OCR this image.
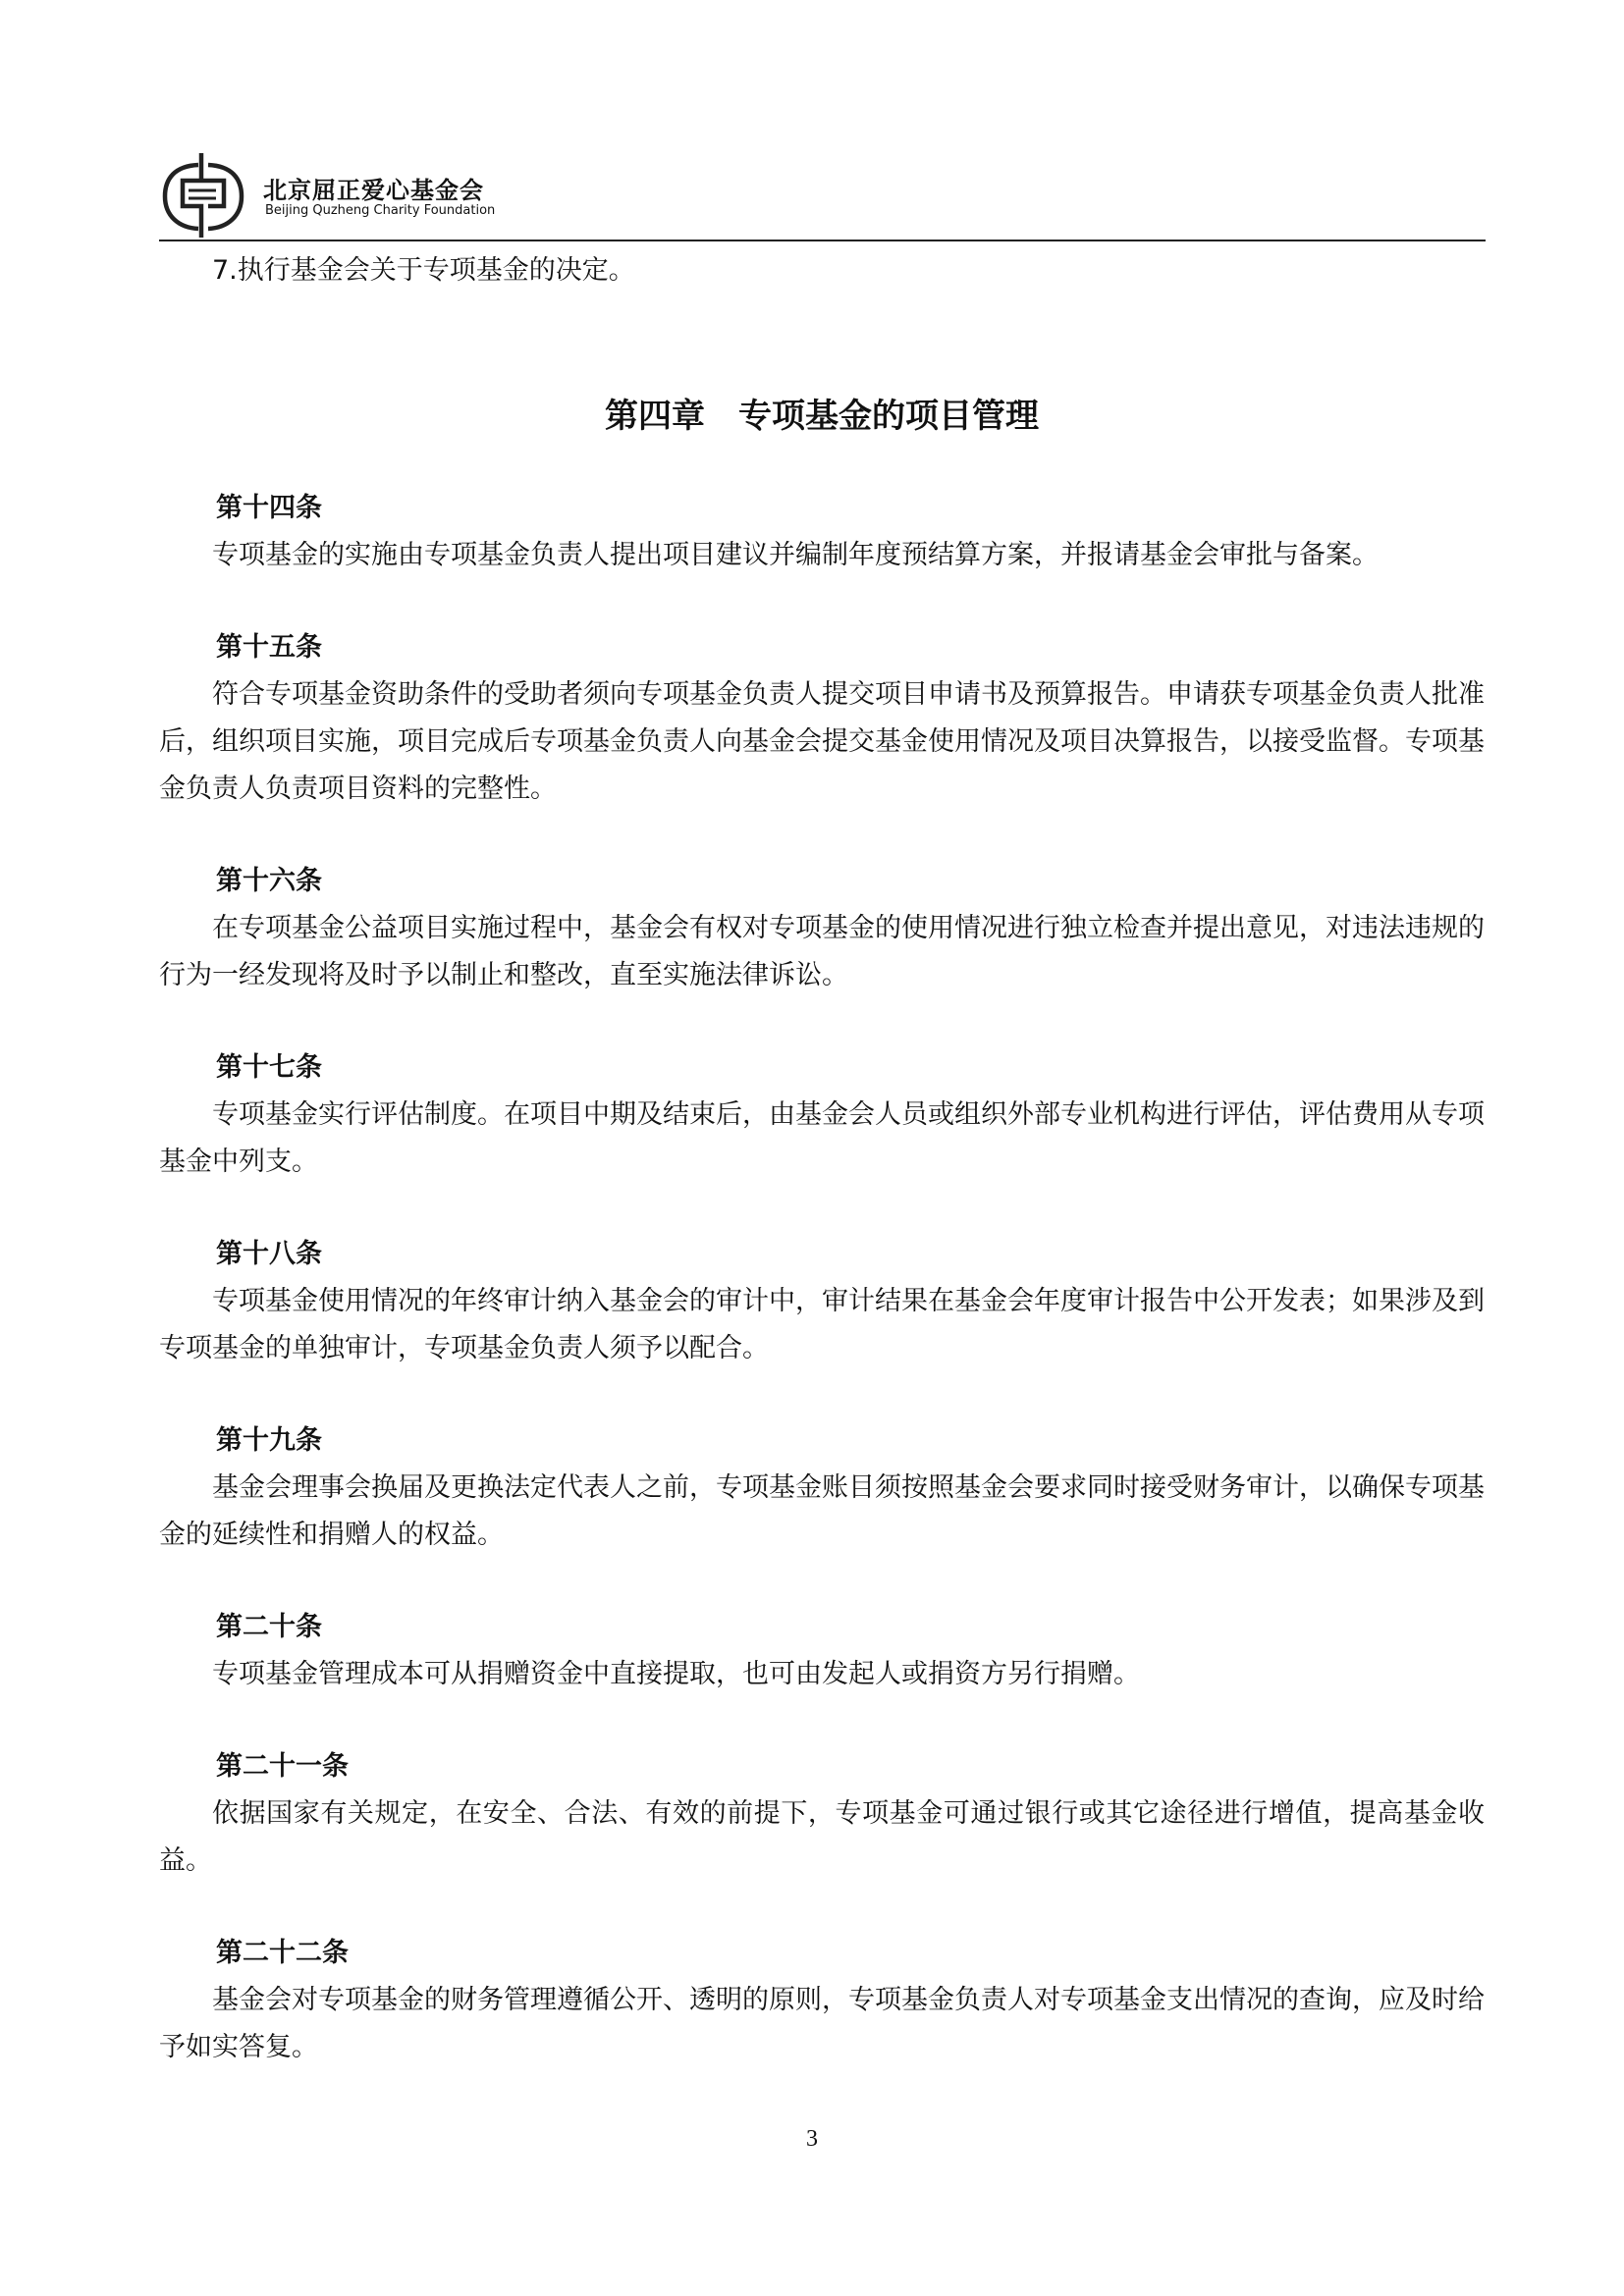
北京屈正爱心基金会
Beijing Quzheng Charity Foundation

7.执行基金会关于专项基金的决定。

第四章　专项基金的项目管理

第十四条

专项基金的实施由专项基金负责人提出项目建议并编制年度预结算方案，并报请基金会审批与备案。

第十五条

符合专项基金资助条件的受助者须向专项基金负责人提交项目申请书及预算报告。申请获专项基金负责人批准后，组织项目实施，项目完成后专项基金负责人向基金会提交基金使用情况及项目决算报告，以接受监督。专项基金负责人负责项目资料的完整性。

第十六条

在专项基金公益项目实施过程中，基金会有权对专项基金的使用情况进行独立检查并提出意见，对违法违规的行为一经发现将及时予以制止和整改，直至实施法律诉讼。

第十七条

专项基金实行评估制度。在项目中期及结束后，由基金会人员或组织外部专业机构进行评估，评估费用从专项基金中列支。

第十八条

专项基金使用情况的年终审计纳入基金会的审计中，审计结果在基金会年度审计报告中公开发表；如果涉及到专项基金的单独审计，专项基金负责人须予以配合。

第十九条

基金会理事会换届及更换法定代表人之前，专项基金账目须按照基金会要求同时接受财务审计，以确保专项基金的延续性和捐赠人的权益。

第二十条

专项基金管理成本可从捐赠资金中直接提取，也可由发起人或捐资方另行捐赠。

第二十一条

依据国家有关规定，在安全、合法、有效的前提下，专项基金可通过银行或其它途径进行增值，提高基金收益。

第二十二条

基金会对专项基金的财务管理遵循公开、透明的原则，专项基金负责人对专项基金支出情况的查询，应及时给予如实答复。

3
